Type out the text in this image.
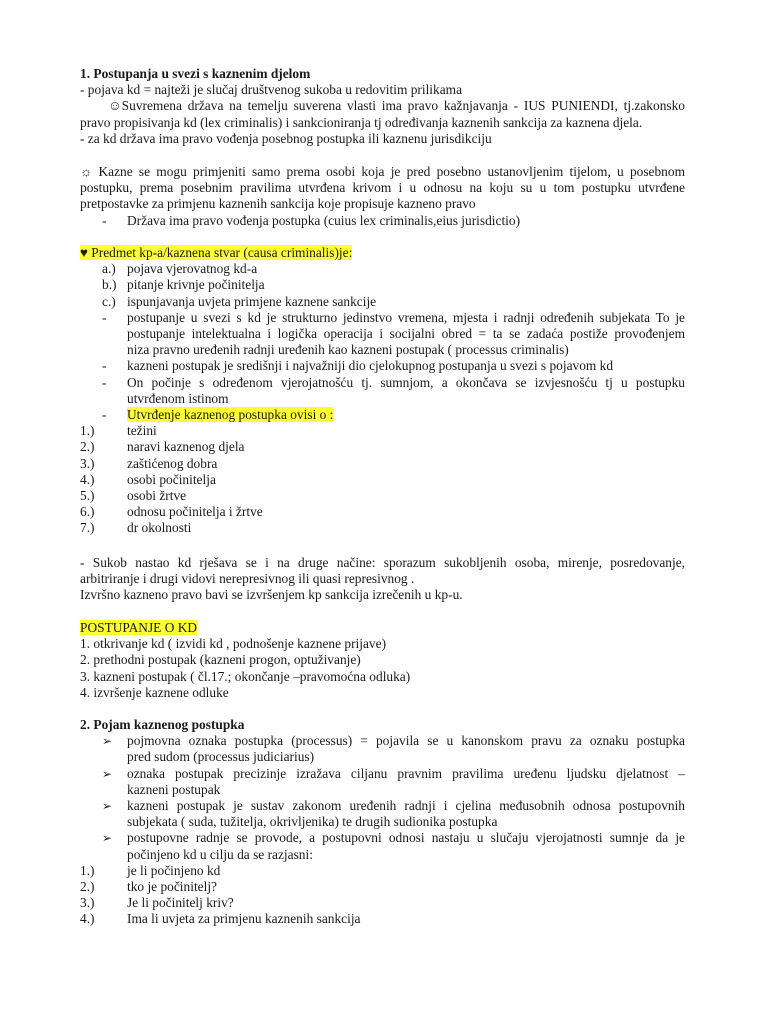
1. Postupanja u svezi s kaznenim djelom

- pojava kd = najteži je slučaj društvenog sukoba u redovitim prilikama

☺Suvremena država na temelju suverena vlasti ima pravo kažnjavanja - IUS PUNIENDI, tj.zakonsko

pravo propisivanja kd (lex criminalis) i sankcioniranja tj određivanja kaznenih sankcija za kaznena djela.

- za kd država ima pravo vođenja posebnog postupka ili kaznenu jurisdikciju

☼ Kazne se mogu primjeniti samo prema osobi koja je pred posebno ustanovljenim tijelom, u posebnom

postupku, prema posebnim pravilima utvrđena krivom i u odnosu na koju su u tom postupku utvrđene

pretpostavke za primjenu kaznenih sankcija koje propisuje kazneno pravo

-	Država ima pravo vođenja postupka (cuius lex criminalis,eius jurisdictio)

♥ Predmet kp-a/kaznena stvar (causa criminalis)je:

a.) pojava vjerovatnog kd-a
b.) pitanje krivnje počinitelja
c.) ispunjavanja uvjeta primjene kaznene sankcije
-	postupanje u svezi s kd je strukturno jedinstvo vremena, mjesta i radnji određenih subjekata To je
postupanje intelektualna i logička operacija i socijalni obred = ta se zadaća postiže provođenjem
niza pravno uređenih radnji uređenih kao kazneni postupak ( processus criminalis)
-	kazneni postupak je središnji i najvažniji dio cjelokupnog postupanja u svezi s pojavom kd
-	On počinje s određenom vjerojatnošću tj. sumnjom, a okončava se izvjesnošću tj u postupku
utvrđenom istinom
-	Utvrđenje kaznenog postupka ovisi o :
1.)	težini
2.)	naravi kaznenog djela
3.)	zaštićenog dobra
4.)	osobi počinitelja
5.)	osobi žrtve
6.)	odnosu počinitelja i žrtve
7.)	dr okolnosti

- Sukob nastao kd rješava se i na druge načine: sporazum sukobljenih osoba, mirenje, posredovanje,

arbitriranje i drugi vidovi nerepresivnog ili quasi represivnog .

Izvršno kazneno pravo bavi se izvršenjem kp sankcija izrečenih u kp-u.

POSTUPANJE O KD

1. otkrivanje kd ( izvidi kd , podnošenje kaznene prijave)

2. prethodni postupak (kazneni progon, optuživanje)

3. kazneni postupak ( čl.17.; okončanje –pravomoćna odluka)

4. izvršenje kaznene odluke

2. Pojam kaznenog postupka

➢	pojmovna oznaka postupka (processus) = pojavila se u kanonskom pravu za oznaku postupka
pred sudom (processus judiciarius)
➢	oznaka postupak precizinje izražava ciljanu pravnim pravilima uređenu ljudsku djelatnost –
kazneni postupak
➢	kazneni postupak je sustav zakonom uređenih radnji i cjelina međusobnih odnosa postupovnih
subjekata ( suda, tužitelja, okrivljenika) te drugih sudionika postupka
➢	postupovne radnje se provode, a postupovni odnosi nastaju u slučaju vjerojatnosti sumnje da je
počinjeno kd u cilju da se razjasni:
1.)	je li počinjeno kd
2.)	tko je počinitelj?
3.)	Je li počinitelj kriv?
4.)	Ima li uvjeta za primjenu kaznenih sankcija
